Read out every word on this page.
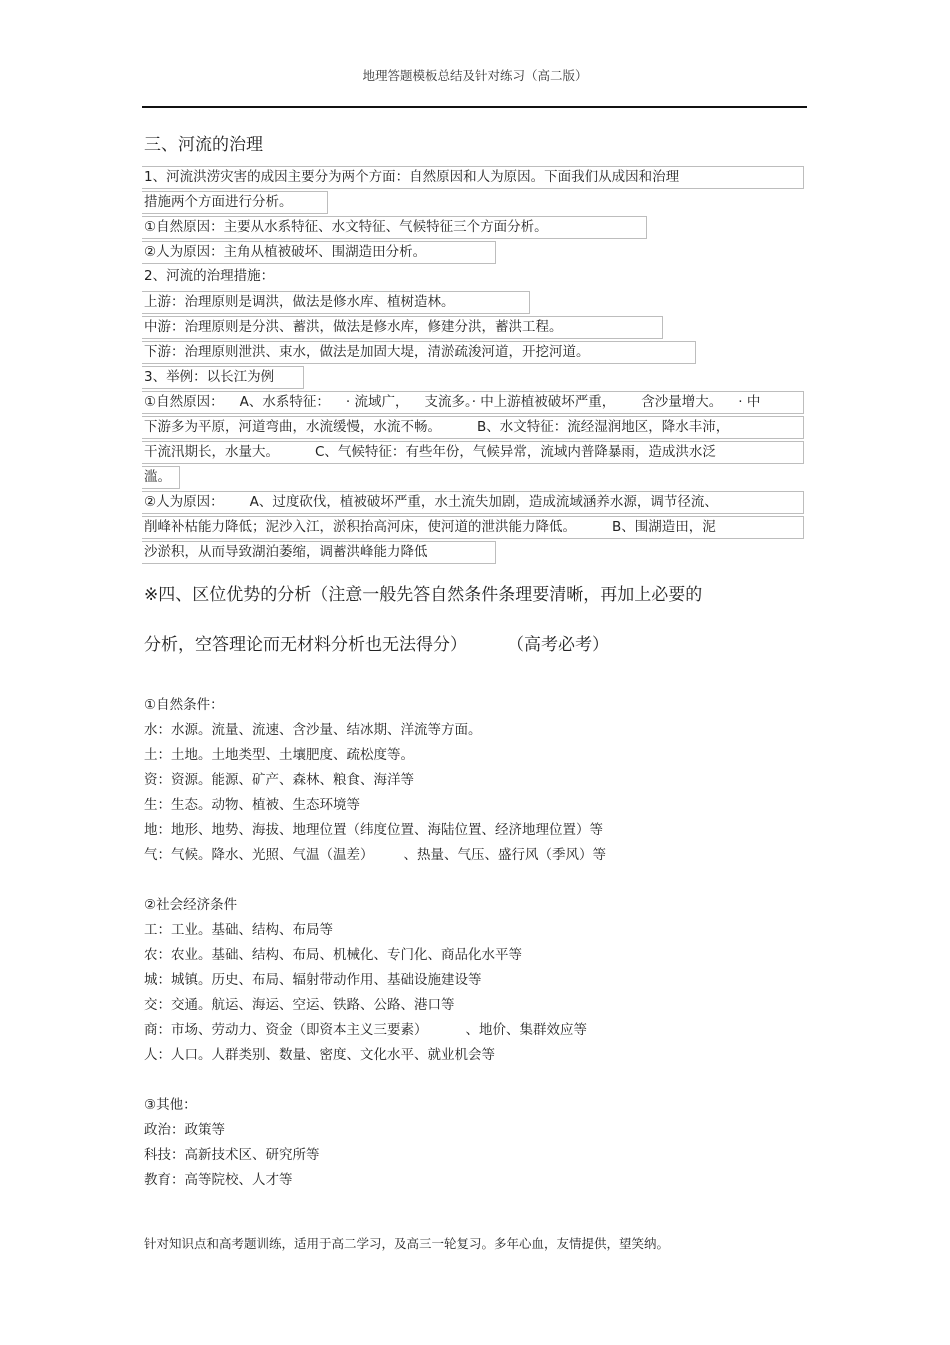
地理答题模板总结及针对练习（高二版）
三、河流的治理
1、河流洪涝灾害的成因主要分为两个方面：自然原因和人为原因。下面我们从成因和治理
措施两个方面进行分析。
①自然原因：主要从水系特征、水文特征、气候特征三个方面分析。
②人为原因：主角从植被破坏、围湖造田分析。
2、河流的治理措施：
上游：治理原则是调洪，做法是修水库、植树造林。
中游：治理原则是分洪、蓄洪，做法是修水库，修建分洪，蓄洪工程。
下游：治理原则泄洪、束水，做法是加固大堤，清淤疏浚河道，开挖河道。
3、举例：以长江为例
①自然原因： A、水系特征： · 流域广， 支流多。· 中上游植被破坏严重， 含沙量增大。 · 中
下游多为平原，河道弯曲，水流缓慢，水流不畅。	B、水文特征：流经湿润地区，降水丰沛，
干流汛期长，水量大。	C、气候特征：有些年份，气候异常，流域内普降暴雨，造成洪水泛
滥。
②人为原因： A、过度砍伐，植被破坏严重，水土流失加剧，造成流域涵养水源，调节径流、
削峰补枯能力降低；泥沙入江，淤积抬高河床，使河道的泄洪能力降低。	B、围湖造田，泥
沙淤积，从而导致湖泊萎缩，调蓄洪峰能力降低
※四、区位优势的分析（注意一般先答自然条件条理要清晰，再加上必要的
分析，空答理论而无材料分析也无法得分） （高考必考）
①自然条件：
水：水源。流量、流速、含沙量、结冰期、洋流等方面。
土：土地。土地类型、土壤肥度、疏松度等。
资：资源。能源、矿产、森林、粮食、海洋等
生：生态。动物、植被、生态环境等
地：地形、地势、海拔、地理位置（纬度位置、海陆位置、经济地理位置）等
气：气候。降水、光照、气温（温差） 、热量、气压、盛行风（季风）等
②社会经济条件
工：工业。基础、结构、布局等
农：农业。基础、结构、布局、机械化、专门化、商品化水平等
城：城镇。历史、布局、辐射带动作用、基础设施建设等
交：交通。航运、海运、空运、铁路、公路、港口等
商：市场、劳动力、资金（即资本主义三要素）	、地价、集群效应等
人：人口。人群类别、数量、密度、文化水平、就业机会等
③其他：
政治：政策等
科技：高新技术区、研究所等
教育：高等院校、人才等
针对知识点和高考题训练，适用于高二学习，及高三一轮复习。多年心血，友情提供，望笑纳。
